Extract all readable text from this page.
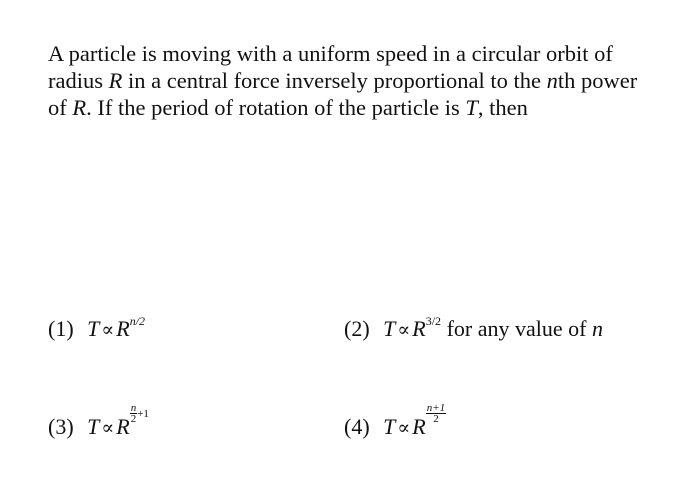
A particle is moving with a uniform speed in a circular orbit of

radius R in a central force inversely proportional to the nth power

of R. If the period of rotation of the particle is T, then

(1) $T \propto R^{n/2}$	(2) $T \propto R^{3/2}$ for any value of n
(3) T ∝R
$\frac{n}{2} ^{+1}$	(4) T ∝R
$\frac{n+1}{2}$
